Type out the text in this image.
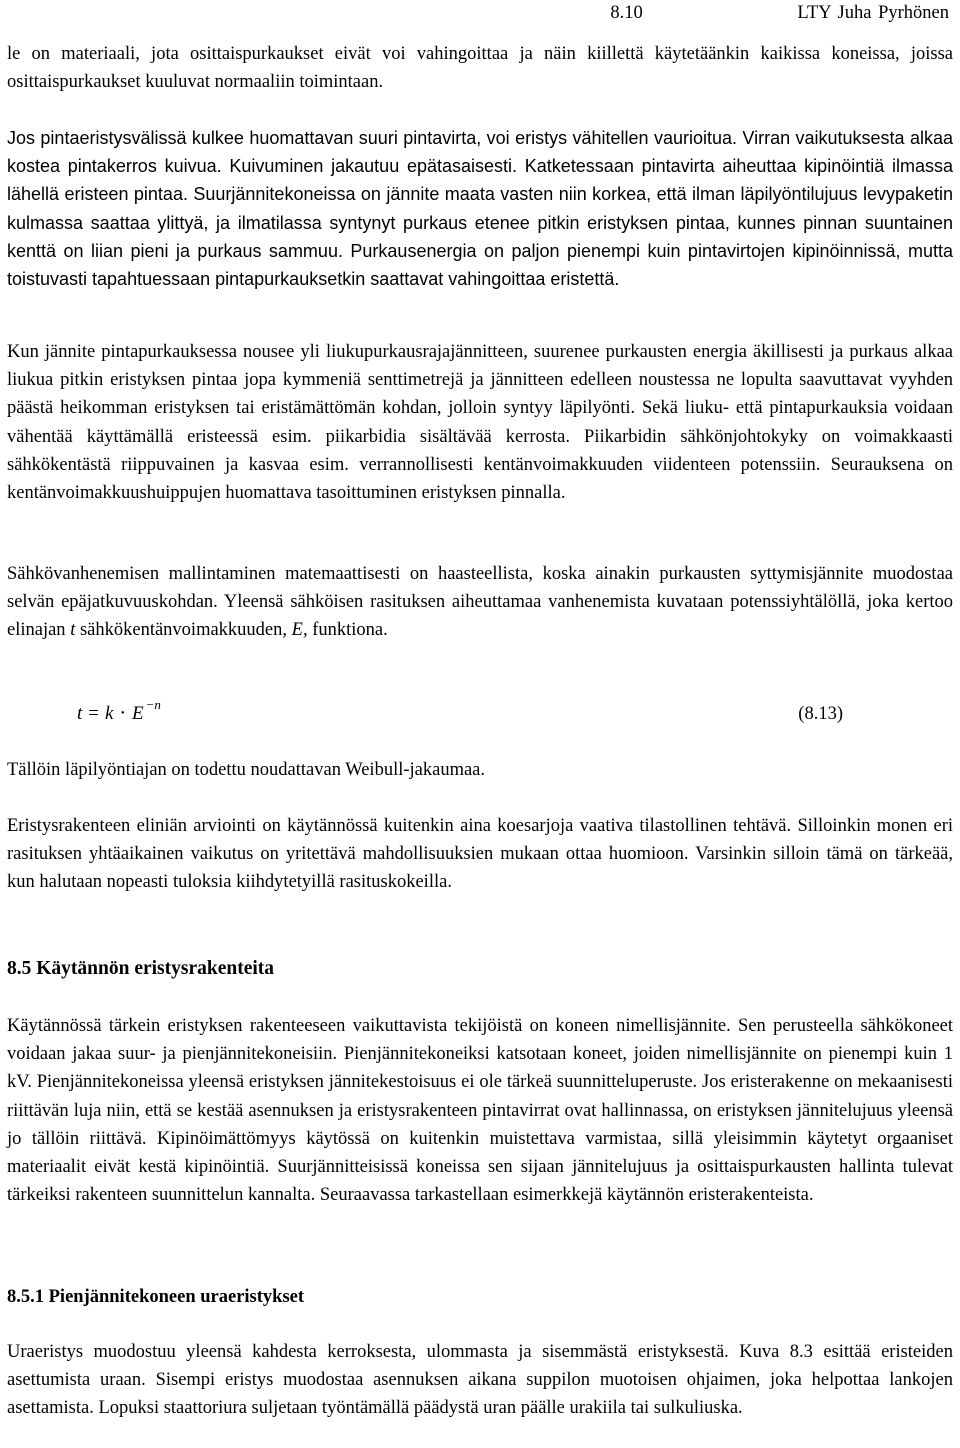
8.10	LTY Juha Pyrhönen
le on materiaali, jota osittaispurkaukset eivät voi vahingoittaa ja näin kiillettä käytetäänkin kaikissa koneissa, joissa osittaispurkaukset kuuluvat normaaliin toimintaan.
Jos pintaeristysvälissä kulkee huomattavan suuri pintavirta, voi eristys vähitellen vaurioitua. Virran vaikutuksesta alkaa kostea pintakerros kuivua. Kuivuminen jakautuu epätasaisesti. Katketessaan pintavirta aiheuttaa kipinöintiä ilmassa lähellä eristeen pintaa. Suurjännitekoneissa on jännite maata vasten niin korkea, että ilman läpilyöntilujuus levypaketin kulmassa saattaa ylittyä, ja ilmatilassa syntynyt purkaus etenee pitkin eristyksen pintaa, kunnes pinnan suuntainen kenttä on liian pieni ja purkaus sammuu. Purkausenergia on paljon pienempi kuin pintavirtojen kipinöinnissä, mutta toistuvasti tapahtuessaan pintapurkauksetkin saattavat vahingoittaa eristettä.
Kun jännite pintapurkauksessa nousee yli liukupurkausrajajännitteen, suurenee purkausten energia äkillisesti ja purkaus alkaa liukua pitkin eristyksen pintaa jopa kymmeniä senttimetrejä ja jännitteen edelleen noustessa ne lopulta saavuttavat vyyhden päästä heikomman eristyksen tai eristämättömän kohdan, jolloin syntyy läpilyönti. Sekä liuku- että pintapurkauksia voidaan vähentää käyttämällä eristeessä esim. piikarbidia sisältävää kerrosta. Piikarbidin sähkönjohtokyky on voimakkaasti sähkökentästä riippuvainen ja kasvaa esim. verrannollisesti kentänvoimakkuuden viidenteen potenssiin. Seurauksena on kentänvoimakkuushuippujen huomattava tasoittuminen eristyksen pinnalla.
Sähkövanhenemisen mallintaminen matemaattisesti on haasteellista, koska ainakin purkausten syttymisjännite muodostaa selvän epäjatkuvuuskohdan. Yleensä sähköisen rasituksen aiheuttamaa vanhenemista kuvataan potenssiyhtälöllä, joka kertoo elinajan t sähkökentänvoimakkuuden, E, funktiona.
t = k ⋅ E $^{-n}$	(8.13)
Tällöin läpilyöntiajan on todettu noudattavan Weibull-jakaumaa.
Eristysrakenteen eliniän arviointi on käytännössä kuitenkin aina koesarjoja vaativa tilastollinen tehtävä. Silloinkin monen eri rasituksen yhtäaikainen vaikutus on yritettävä mahdollisuuksien mukaan ottaa huomioon. Varsinkin silloin tämä on tärkeää, kun halutaan nopeasti tuloksia kiihdytetyillä rasituskokeilla.
8.5 Käytännön eristysrakenteita
Käytännössä tärkein eristyksen rakenteeseen vaikuttavista tekijöistä on koneen nimellisjännite. Sen perusteella sähkökoneet voidaan jakaa suur- ja pienjännitekoneisiin. Pienjännitekoneiksi katsotaan koneet, joiden nimellisjännite on pienempi kuin 1 kV. Pienjännitekoneissa yleensä eristyksen jännitekestoisuus ei ole tärkeä suunnitteluperuste. Jos eristerakenne on mekaanisesti riittävän luja niin, että se kestää asennuksen ja eristysrakenteen pintavirrat ovat hallinnassa, on eristyksen jännitelujuus yleensä jo tällöin riittävä. Kipinöimättömyys käytössä on kuitenkin muistettava varmistaa, sillä yleisimmin käytetyt orgaaniset materiaalit eivät kestä kipinöintiä. Suurjännitteisissä koneissa sen sijaan jännitelujuus ja osittaispurkausten hallinta tulevat tärkeiksi rakenteen suunnittelun kannalta. Seuraavassa tarkastellaan esimerkkejä käytännön eristerakenteista.
8.5.1 Pienjännitekoneen uraeristykset
Uraeristys muodostuu yleensä kahdesta kerroksesta, ulommasta ja sisemmästä eristyksestä. Kuva 8.3 esittää eristeiden asettumista uraan. Sisempi eristys muodostaa asennuksen aikana suppilon muotoisen ohjaimen, joka helpottaa lankojen asettamista. Lopuksi staattoriura suljetaan työntämällä päädystä uran päälle urakiila tai sulkuliuska.
